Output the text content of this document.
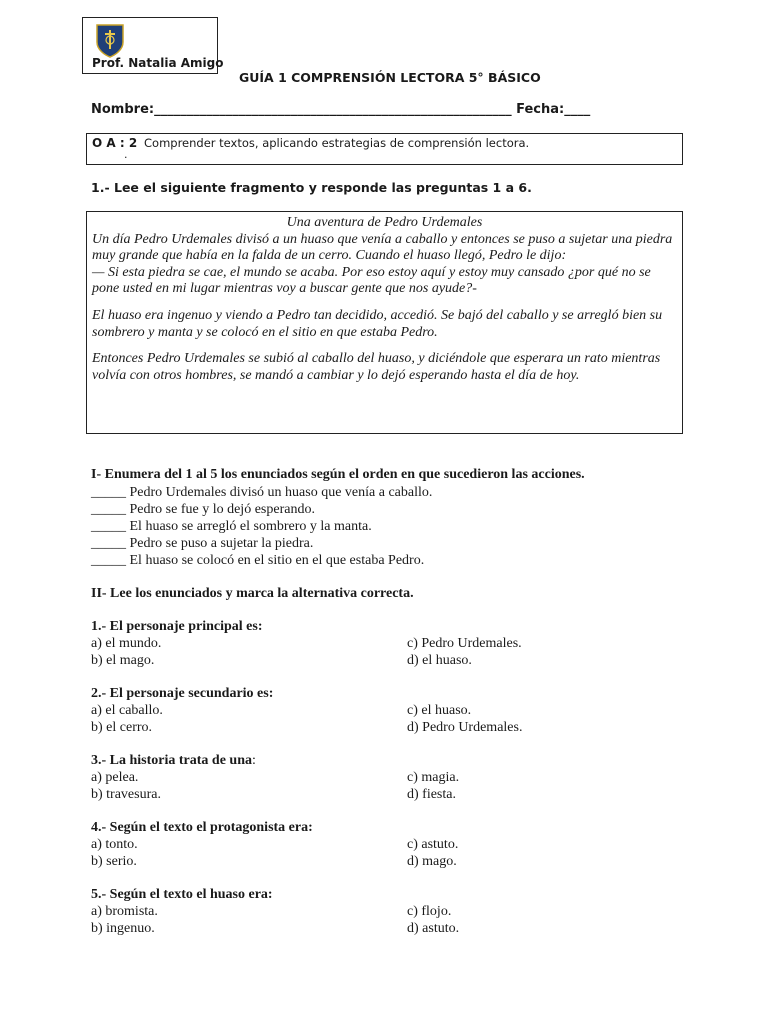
Prof. Natalia Amigo
GUÍA 1 COMPRENSIÓN LECTORA 5° BÁSICO
Nombre:_______________________________________________________ Fecha:____
O A : 2 Comprender textos, aplicando estrategias de comprensión lectora.
.
1.- Lee el siguiente fragmento y responde las preguntas 1 a 6.
Una aventura de Pedro Urdemales

Un día Pedro Urdemales divisó a un huaso que venía a caballo y entonces se puso a sujetar una piedra muy grande que había en la falda de un cerro. Cuando el huaso llegó, Pedro le dijo:

— Si esta piedra se cae, el mundo se acaba. Por eso estoy aquí y estoy muy cansado ¿por qué no se pone usted en mi lugar mientras voy a buscar gente que nos ayude?-

El huaso era ingenuo y viendo a Pedro tan decidido, accedió. Se bajó del caballo y se arregló bien su sombrero y manta y se colocó en el sitio en que estaba Pedro.

Entonces Pedro Urdemales se subió al caballo del huaso, y diciéndole que esperara un rato mientras volvía con otros hombres, se mandó a cambiar y lo dejó esperando hasta el día de hoy.

I- Enumera del 1 al 5 los enunciados según el orden en que sucedieron las acciones.
_____ Pedro Urdemales divisó un huaso que venía a caballo.
_____ Pedro se fue y lo dejó esperando.
_____ El huaso se arregló el sombrero y la manta.
_____ Pedro se puso a sujetar la piedra.
_____ El huaso se colocó en el sitio en el que estaba Pedro.
II- Lee los enunciados y marca la alternativa correcta.
1.- El personaje principal es:
a) el mundo.	c) Pedro Urdemales.
b) el mago.	d) el huaso.
2.- El personaje secundario es:
a) el caballo.	c) el huaso.
b) el cerro.	d) Pedro Urdemales.
3.- La historia trata de una:
a) pelea.	c) magia.
b) travesura.	d) fiesta.
4.- Según el texto el protagonista era:
a) tonto.	c) astuto.
b) serio.	d) mago.
5.- Según el texto el huaso era:
a) bromista.	c) flojo.
b) ingenuo.	d) astuto.
